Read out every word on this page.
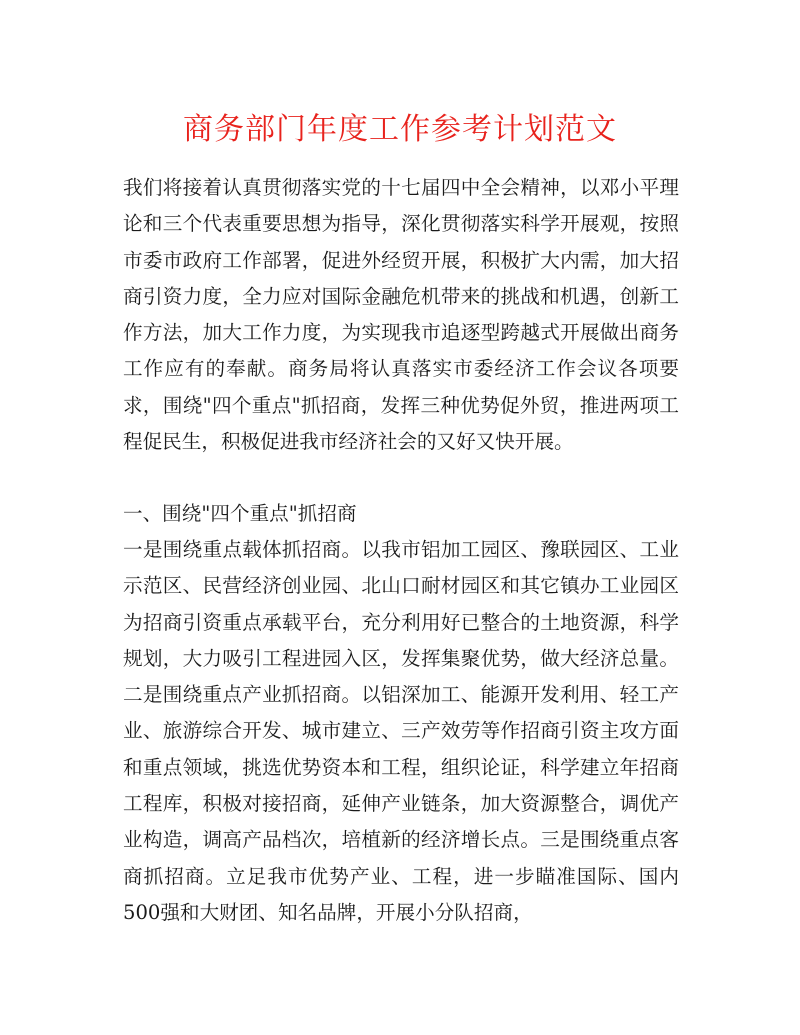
商务部门年度工作参考计划范文

我们将接着认真贯彻落实党的十七届四中全会精神，以邓小平理论和三个代表重要思想为指导，深化贯彻落实科学开展观，按照市委市政府工作部署，促进外经贸开展，积极扩大内需，加大招商引资力度，全力应对国际金融危机带来的挑战和机遇，创新工作方法，加大工作力度，为实现我市追逐型跨越式开展做出商务工作应有的奉献。商务局将认真落实市委经济工作会议各项要求，围绕"四个重点"抓招商，发挥三种优势促外贸，推进两项工程促民生，积极促进我市经济社会的又好又快开展。

一、围绕"四个重点"抓招商

一是围绕重点载体抓招商。以我市铝加工园区、豫联园区、工业示范区、民营经济创业园、北山口耐材园区和其它镇办工业园区为招商引资重点承载平台，充分利用好已整合的土地资源，科学规划，大力吸引工程进园入区，发挥集聚优势，做大经济总量。二是围绕重点产业抓招商。以铝深加工、能源开发利用、轻工产业、旅游综合开发、城市建立、三产效劳等作招商引资主攻方面和重点领域，挑选优势资本和工程，组织论证，科学建立年招商工程库，积极对接招商，延伸产业链条，加大资源整合，调优产业构造，调高产品档次，培植新的经济增长点。三是围绕重点客商抓招商。立足我市优势产业、工程，进一步瞄准国际、国内500强和大财团、知名品牌，开展小分队招商，
